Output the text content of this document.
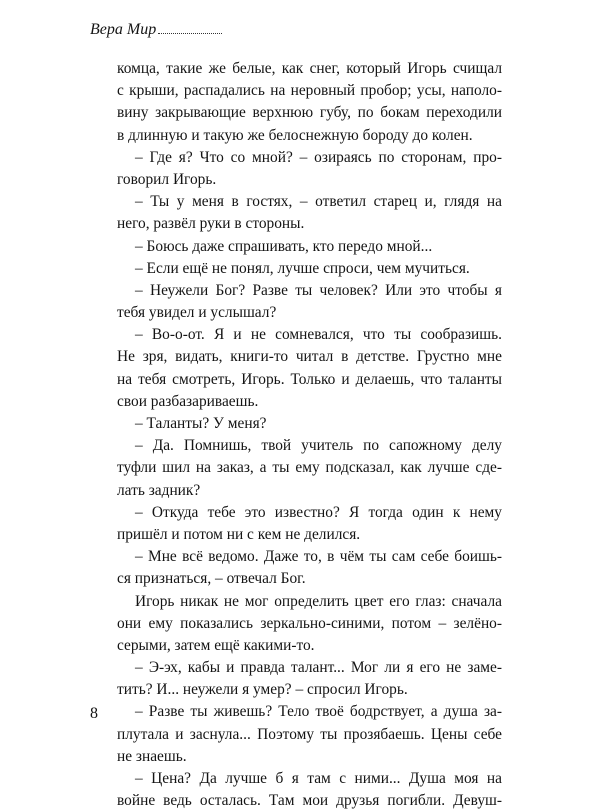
Вера Мир
комца, такие же белые, как снег, который Игорь счищал
с крыши, распадались на неровный пробор; усы, наполо-
вину закрывающие верхнюю губу, по бокам переходили
в длинную и такую же белоснежную бороду до колен.
– Где я? Что со мной? – озираясь по сторонам, про-
говорил Игорь.
– Ты у меня в гостях, – ответил старец и, глядя на
него, развёл руки в стороны.
– Боюсь даже спрашивать, кто передо мной...
– Если ещё не понял, лучше спроси, чем мучиться.
– Неужели Бог? Разве ты человек? Или это чтобы я
тебя увидел и услышал?
– Во-о-от. Я и не сомневался, что ты сообразишь.
Не зря, видать, книги-то читал в детстве. Грустно мне
на тебя смотреть, Игорь. Только и делаешь, что таланты
свои разбазариваешь.
– Таланты? У меня?
– Да. Помнишь, твой учитель по сапожному делу
туфли шил на заказ, а ты ему подсказал, как лучше сде-
лать задник?
– Откуда тебе это известно? Я тогда один к нему
пришёл и потом ни с кем не делился.
– Мне всё ведомо. Даже то, в чём ты сам себе боишь-
ся признаться, – отвечал Бог.
Игорь никак не мог определить цвет его глаз: сначала
они ему показались зеркально-синими, потом – зелёно-
серыми, затем ещё какими-то.
– Э-эх, кабы и правда талант... Мог ли я его не заме-
тить? И... неужели я умер? – спросил Игорь.
– Разве ты живешь? Тело твоё бодрствует, а душа за-
плутала и заснула... Поэтому ты прозябаешь. Цены себе
не знаешь.
– Цена? Да лучше б я там с ними... Душа моя на
войне ведь осталась. Там мои друзья погибли. Девуш-
8
